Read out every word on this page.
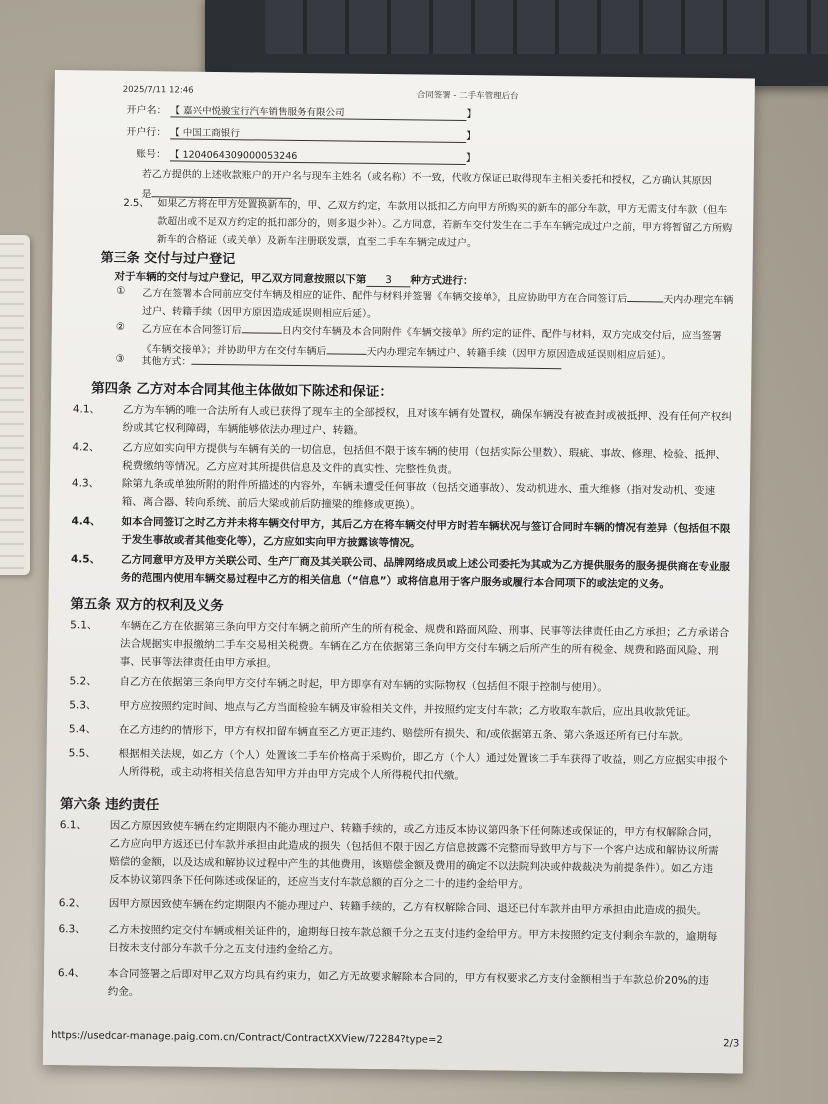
2025/7/11 12:46
合同签署 - 二手车管理后台
开户名： 【 嘉兴中悦骏宝行汽车销售服务有限公司	】
开户行： 【 中国工商银行	】
账号： 【 1204064309000053246	】
若乙方提供的上述收款账户的开户名与现车主姓名（或名称）不一致，代收方保证已取得现车主相关委托和授权，乙方确认其原因
是
2.5、 如果乙方将在甲方处置换新车的，甲、乙双方约定，车款用以抵扣乙方向甲方所购买的新车的部分车款，甲方无需支付车款（但车款超出或不足双方约定的抵扣部分的，则多退少补）。乙方同意，若新车交付发生在二手车车辆完成过户之前，甲方将暂留乙方所购新车的合格证（或关单）及新车注册联发票，直至二手车车辆完成过户。
第三条 交付与过户登记
对于车辆的交付与过户登记，甲乙双方同意按照以下第 3 种方式进行：
① 乙方在签署本合同前应交付车辆及相应的证件、配件与材料并签署《车辆交接单》，且应协助甲方在合同签订后	天内办理完车辆过户、转籍手续（因甲方原因造成延误则相应后延）。
② 乙方应在本合同签订后	日内交付车辆及本合同附件《车辆交接单》所约定的证件、配件与材料，双方完成交付后，应当签署《车辆交接单》；并协助甲方在交付车辆后	天内办理完车辆过户、转籍手续（因甲方原因造成延误则相应后延）。
③ 其他方式：
第四条 乙方对本合同其他主体做如下陈述和保证：
4.1、 乙方为车辆的唯一合法所有人或已获得了现车主的全部授权，且对该车辆有处置权，确保车辆没有被查封或被抵押、没有任何产权纠纷或其它权利障碍，车辆能够依法办理过户、转籍。
4.2、 乙方应如实向甲方提供与车辆有关的一切信息，包括但不限于该车辆的使用（包括实际公里数）、瑕疵、事故、修理、检验、抵押、税费缴纳等情况。乙方应对其所提供信息及文件的真实性、完整性负责。
4.3、 除第九条或单独所附的附件所描述的内容外，车辆未遭受任何事故（包括交通事故）、发动机进水、重大维修（指对发动机、变速箱、离合器、转向系统、前后大梁或前后防撞梁的维修或更换）。
4.4、 如本合同签订之时乙方并未将车辆交付甲方，其后乙方在将车辆交付甲方时若车辆状况与签订合同时车辆的情况有差异（包括但不限于发生事故或者其他变化等），乙方应如实向甲方披露该等情况。
4.5、 乙方同意甲方及甲方关联公司、生产厂商及其关联公司、品牌网络成员或上述公司委托为其或为乙方提供服务的服务提供商在专业服务的范围内使用车辆交易过程中乙方的相关信息（“信息”）或将信息用于客户服务或履行本合同项下的或法定的义务。
第五条 双方的权利及义务
5.1、 车辆在乙方在依据第三条向甲方交付车辆之前所产生的所有税金、规费和路面风险、刑事、民事等法律责任由乙方承担；乙方承诺合法合规据实申报缴纳二手车交易相关税费。车辆在乙方在依据第三条向甲方交付车辆之后所产生的所有税金、规费和路面风险、刑事、民事等法律责任由甲方承担。
5.2、 自乙方在依据第三条向甲方交付车辆之时起，甲方即享有对车辆的实际物权（包括但不限于控制与使用）。
5.3、 甲方应按照约定时间、地点与乙方当面检验车辆及审验相关文件，并按照约定支付车款；乙方收取车款后，应出具收款凭证。
5.4、 在乙方违约的情形下，甲方有权扣留车辆直至乙方更正违约、赔偿所有损失、和/或依据第五条、第六条返还所有已付车款。
5.5、 根据相关法规，如乙方（个人）处置该二手车价格高于采购价，即乙方（个人）通过处置该二手车获得了收益，则乙方应据实申报个人所得税，或主动将相关信息告知甲方并由甲方完成个人所得税代扣代缴。
第六条 违约责任
6.1、 因乙方原因致使车辆在约定期限内不能办理过户、转籍手续的，或乙方违反本协议第四条下任何陈述或保证的，甲方有权解除合同，乙方应向甲方返还已付车款并承担由此造成的损失（包括但不限于因乙方信息披露不完整而导致甲方与下一个客户达成和解协议所需赔偿的金额，以及达成和解协议过程中产生的其他费用，该赔偿金额及费用的确定不以法院判决或仲裁裁决为前提条件）。如乙方违反本协议第四条下任何陈述或保证的，还应当支付车款总额的百分之二十的违约金给甲方。
6.2、 因甲方原因致使车辆在约定期限内不能办理过户、转籍手续的，乙方有权解除合同、退还已付车款并由甲方承担由此造成的损失。
6.3、 乙方未按照约定交付车辆或相关证件的，逾期每日按车款总额千分之五支付违约金给甲方。甲方未按照约定支付剩余车款的，逾期每日按未支付部分车款千分之五支付违约金给乙方。
6.4、 本合同签署之后即对甲乙双方均具有约束力，如乙方无故要求解除本合同的，甲方有权要求乙方支付金额相当于车款总价20%的违约金。
https://usedcar-manage.paig.com.cn/Contract/ContractXXView/72284?type=2	2/3
